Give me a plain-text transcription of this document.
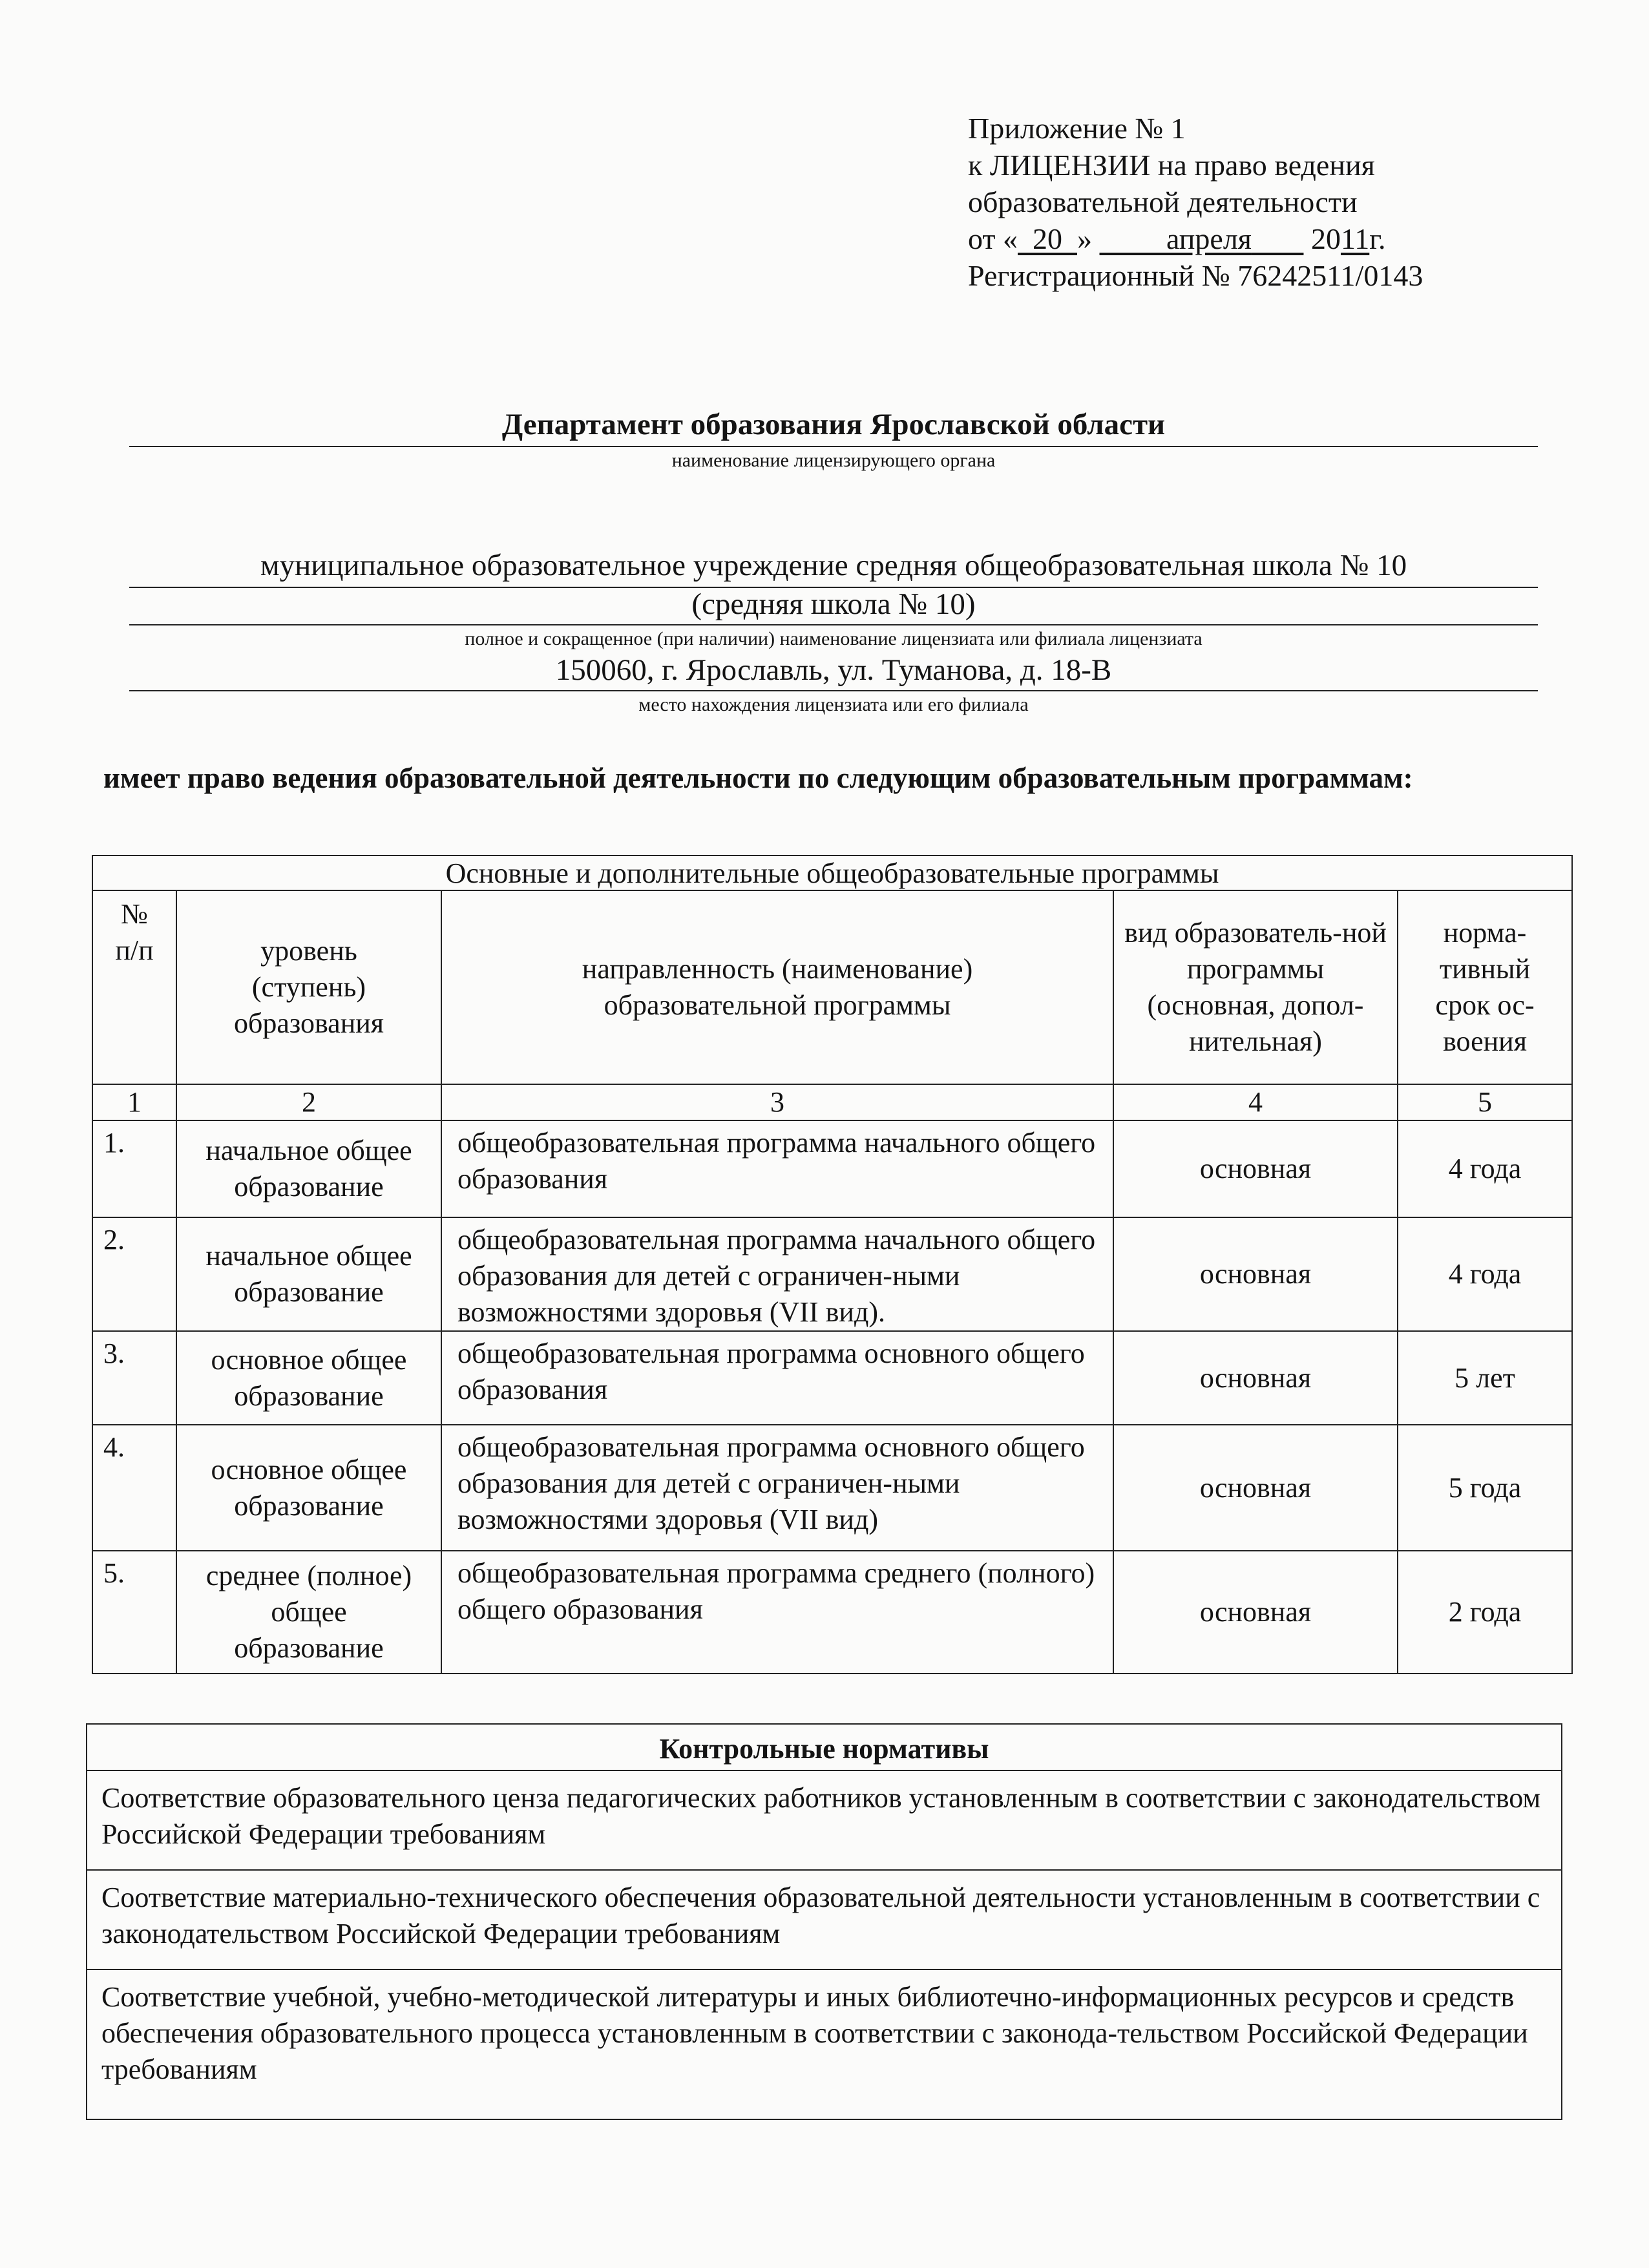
Приложение № 1
к ЛИЦЕНЗИИ на право ведения
образовательной деятельности
от « 20 »          апреля 2011г.
Регистрационный № 76242511/0143
Департамент образования Ярославской области
наименование лицензирующего органа
муниципальное образовательное учреждение средняя общеобразовательная школа № 10
(средняя школа № 10)
полное и сокращенное (при наличии) наименование лицензиата или филиала лицензиата
150060, г. Ярославль, ул. Туманова, д. 18-В
место нахождения лицензиата или его филиала
имеет право ведения образовательной деятельности по следующим образовательным программам:
Основные и дополнительные общеобразовательные программы				

№ п/п	уровень (ступень) образования	направленность (наименование) образовательной программы	вид образователь-ной программы (основная, допол-нительная)	норма-тивный срок ос-воения

1	2	3	4	5
1.	начальное общее образование	общеобразовательная программа начального общего образования	основная	4 года
2.	начальное общее образование	общеобразовательная программа начального общего образования для детей с ограничен-ными возможностями здоровья (VII вид).	основная	4 года
3.	основное общее образование	общеобразовательная программа основного общего образования	основная	5 лет
4.	основное общее образование	общеобразовательная программа основного общего образования для детей с ограничен-ными возможностями здоровья (VII вид)	основная	5 года
5.	среднее (полное) общее образование	общеобразовательная программа среднего (полного) общего образования	основная	2 года
Контрольные нормативы
Соответствие образовательного ценза педагогических работников установленным в соответствии с законодательством Российской Федерации требованиям
Соответствие материально-технического обеспечения образовательной деятельности установленным в соответствии с законодательством Российской Федерации требованиям
Соответствие учебной, учебно-методической литературы и иных библиотечно-информационных ресурсов и средств обеспечения образовательного процесса установленным в соответствии с законода-тельством Российской Федерации требованиям
